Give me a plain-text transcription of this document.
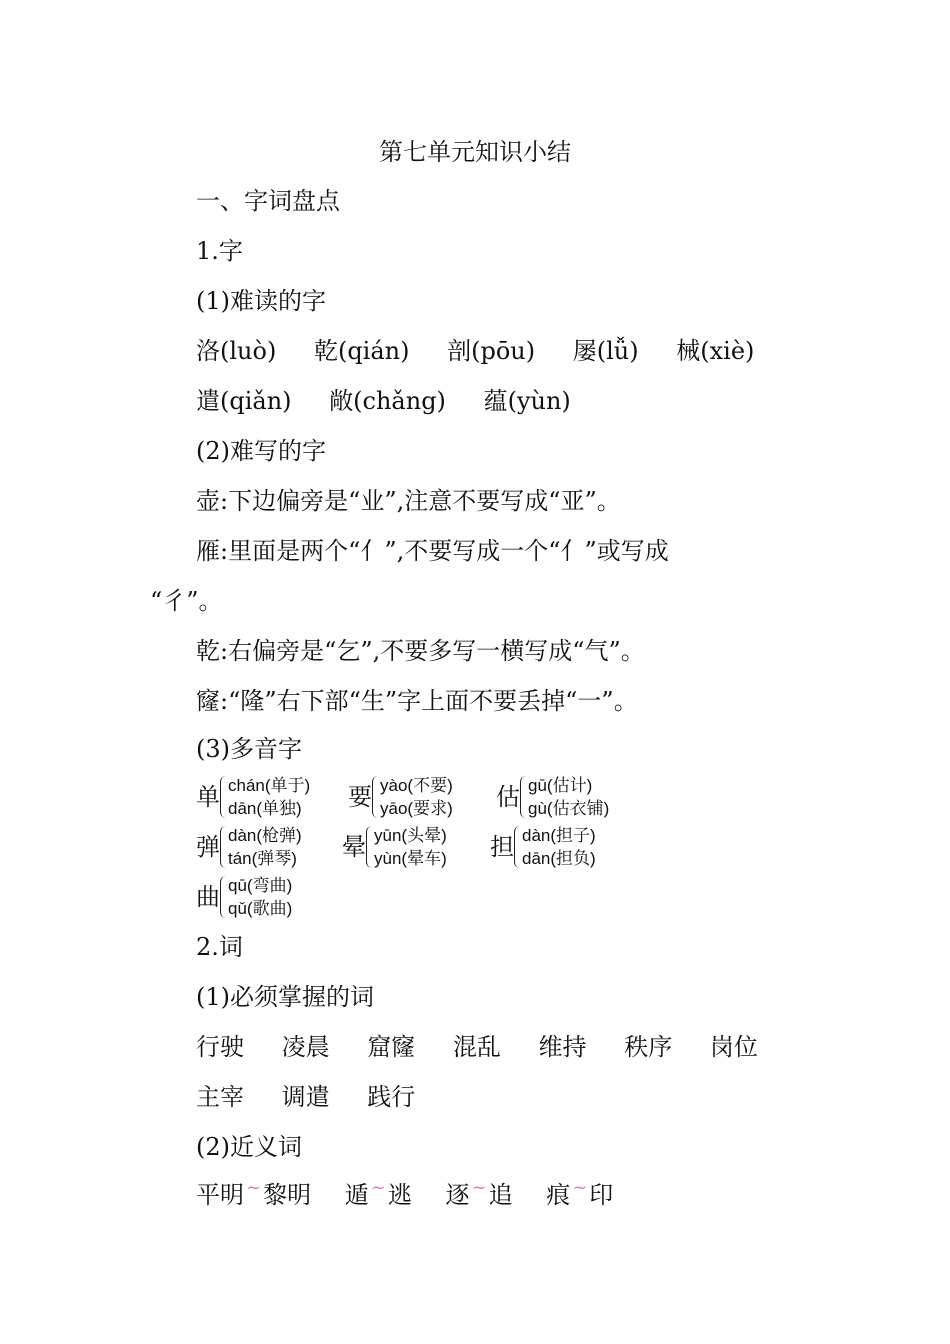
第七单元知识小结
一、字词盘点
1.字
(1)难读的字
洛(luò) 乾(qián) 剖(pōu) 屡(lǚ) 械(xiè)
遣(qiǎn) 敞(chǎng) 蕴(yùn)
(2)难写的字
壶:下边偏旁是“业”,注意不要写成“亚”。
雁:里面是两个“亻”,不要写成一个“亻”或写成
“彳”。
乾:右偏旁是“乞”,不要多写一横写成“气”。
窿:“隆”右下部“生”字上面不要丢掉“一”。
(3)多音字
单 chán(单于)
dān(单独)	要 yào(不要)
yāo(要求) 估 gū(估计)
gù(估衣铺)
弹 dàn(枪弹)
tán(弹琴) 晕 yūn(头晕)
yùn(晕车) 担 dàn(担子)
dān(担负)
曲 qū(弯曲)
qǔ(歌曲)
2.词
(1)必须掌握的词
行驶 凌晨 窟窿 混乱 维持 秩序 岗位
主宰 调遣 践行
(2)近义词
平明 ~黎明 遁 ~逃 逐 ~追 痕 ~印
